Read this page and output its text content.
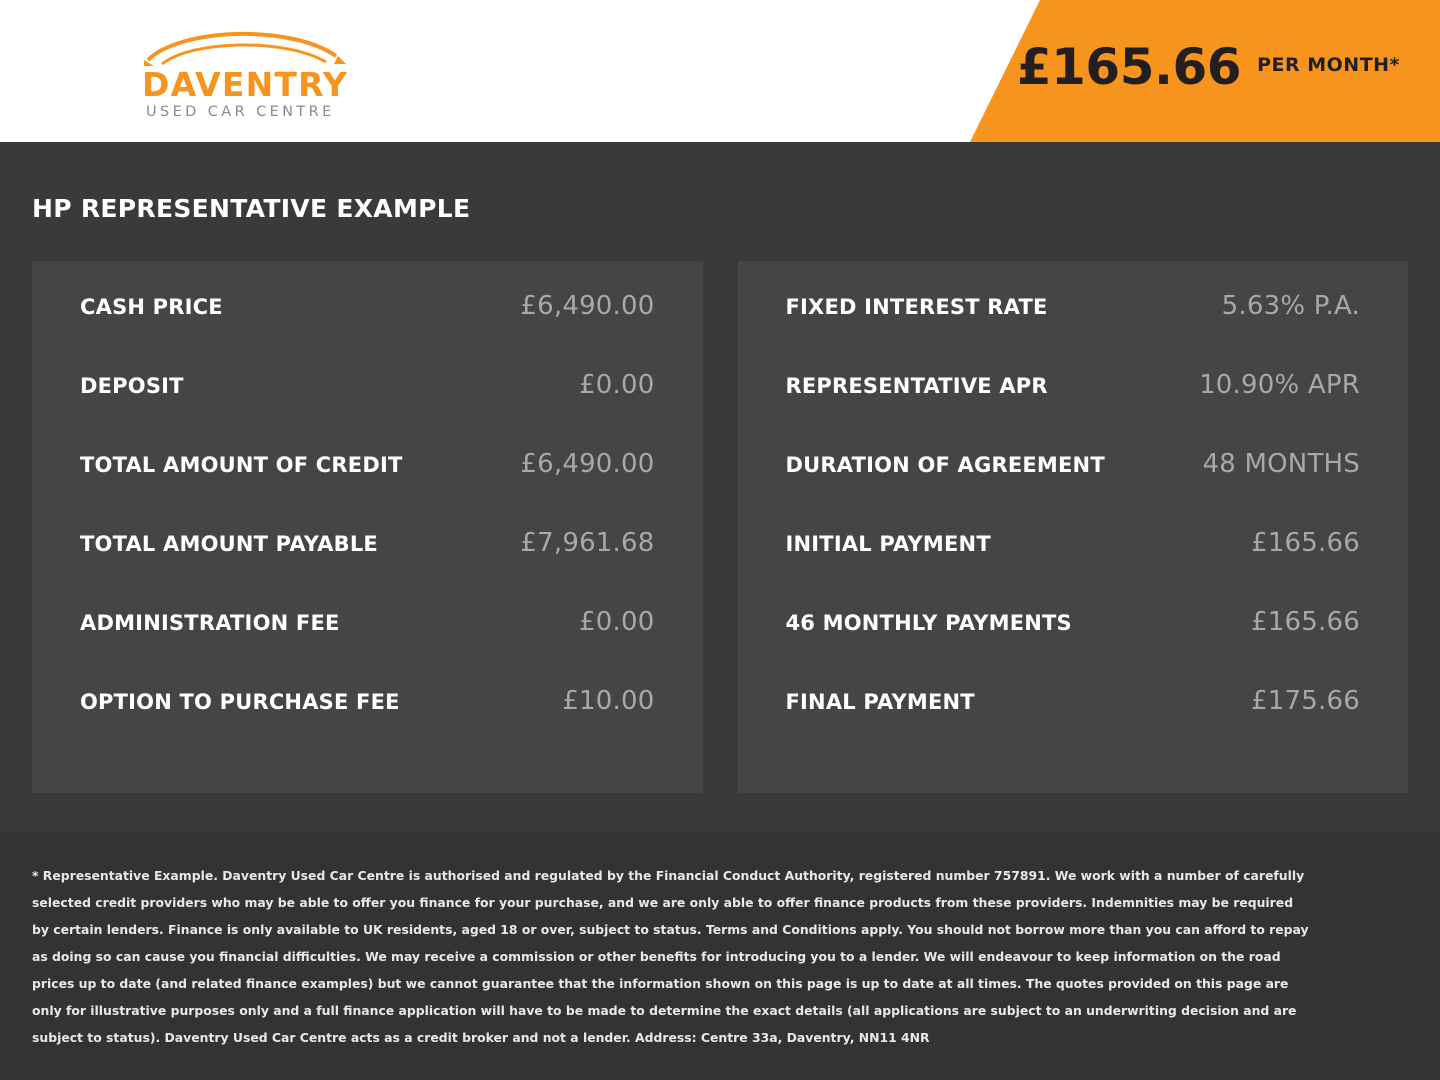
DAVENTRY
USED CAR CENTRE
£165.66 PER MONTH*
HP REPRESENTATIVE EXAMPLE
CASH PRICE	£6,490.00
DEPOSIT	£0.00
TOTAL AMOUNT OF CREDIT	£6,490.00
TOTAL AMOUNT PAYABLE	£7,961.68
ADMINISTRATION FEE	£0.00
OPTION TO PURCHASE FEE	£10.00
FIXED INTEREST RATE	5.63% P.A.
REPRESENTATIVE APR	10.90% APR
DURATION OF AGREEMENT	48 MONTHS
INITIAL PAYMENT	£165.66
46 MONTHLY PAYMENTS	£165.66
FINAL PAYMENT	£175.66

* Representative Example. Daventry Used Car Centre is authorised and regulated by the Financial Conduct Authority, registered number 757891. We work with a number of carefully selected credit providers who may be able to offer you finance for your purchase, and we are only able to offer finance products from these providers. Indemnities may be required by certain lenders. Finance is only available to UK residents, aged 18 or over, subject to status. Terms and Conditions apply. You should not borrow more than you can afford to repay as doing so can cause you financial difficulties. We may receive a commission or other benefits for introducing you to a lender. We will endeavour to keep information on the road prices up to date (and related finance examples) but we cannot guarantee that the information shown on this page is up to date at all times. The quotes provided on this page are only for illustrative purposes only and a full finance application will have to be made to determine the exact details (all applications are subject to an underwriting decision and are subject to status). Daventry Used Car Centre acts as a credit broker and not a lender. Address: Centre 33a, Daventry, NN11 4NR
